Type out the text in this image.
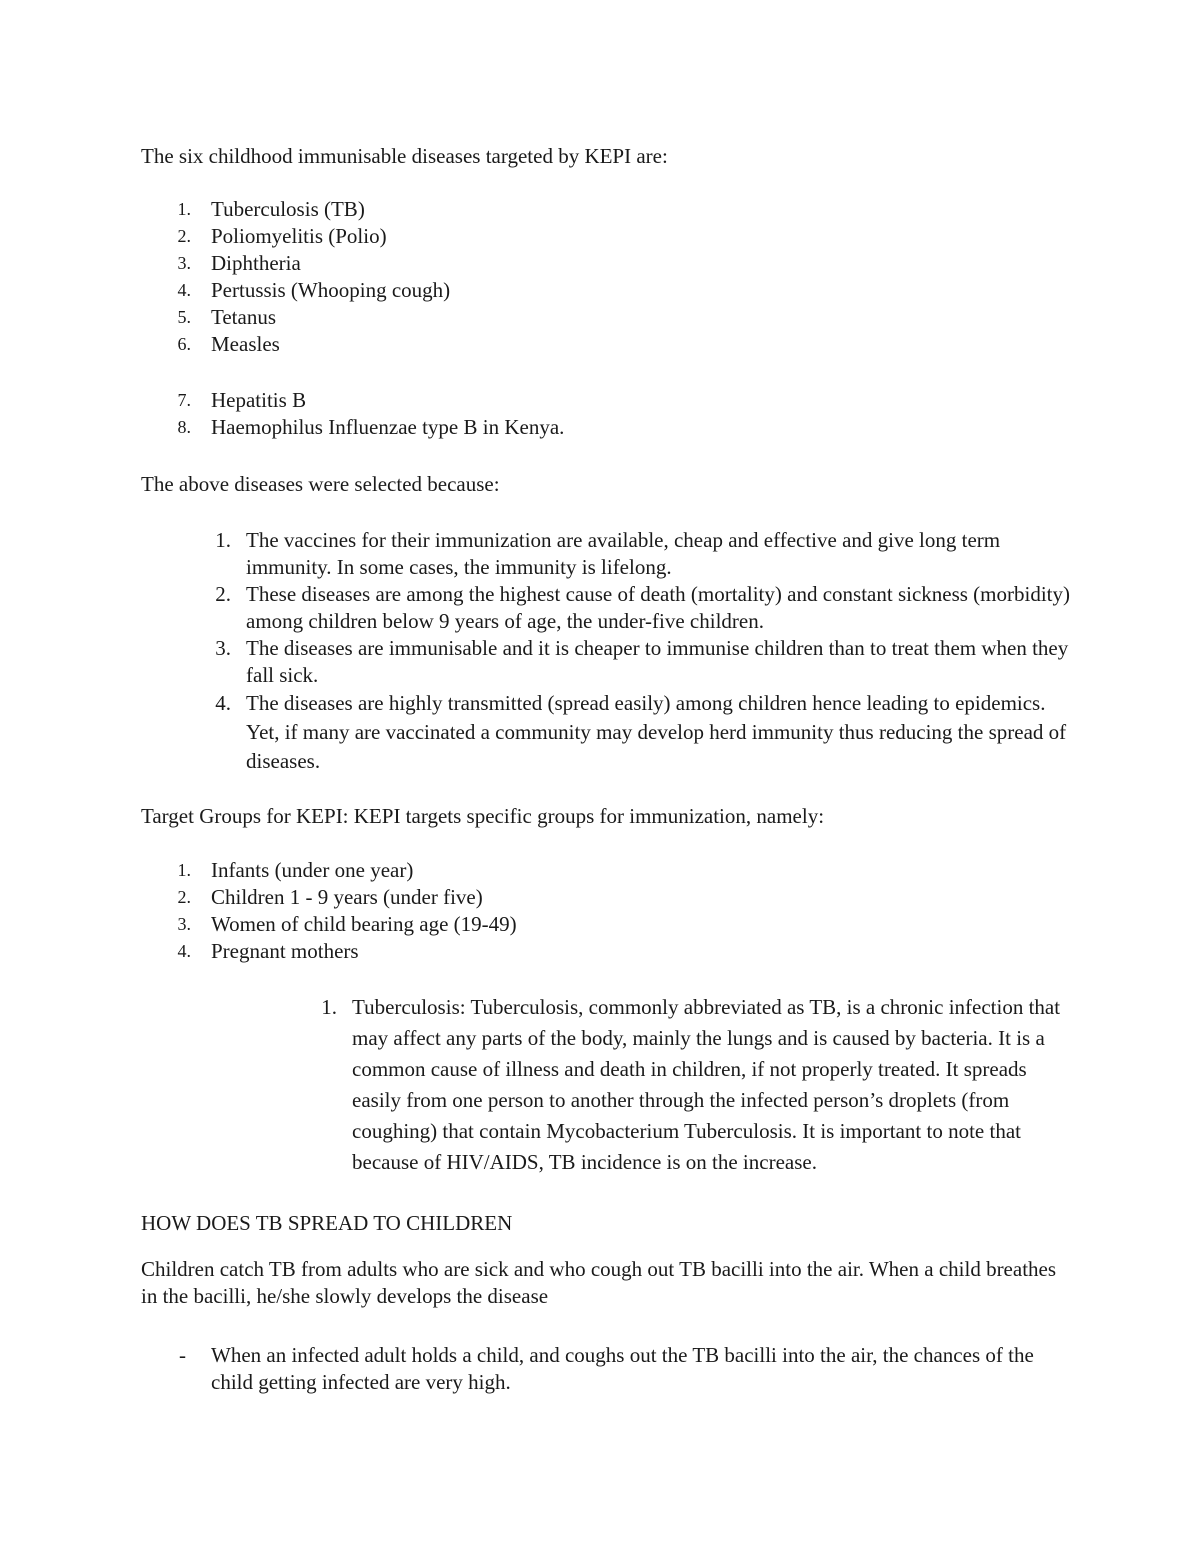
The six childhood immunisable diseases targeted by KEPI are:

1. Tuberculosis (TB)
2. Poliomyelitis (Polio)
3. Diphtheria
4. Pertussis (Whooping cough)
5. Tetanus
6. Measles
7. Hepatitis B
8. Haemophilus Influenzae type B in Kenya.

The above diseases were selected because:

1. The vaccines for their immunization are available, cheap and effective and give long term immunity. In some cases, the immunity is lifelong.
2. These diseases are among the highest cause of death (mortality) and constant sickness (morbidity) among children below 9 years of age, the under-five children.
3. The diseases are immunisable and it is cheaper to immunise children than to treat them when they fall sick.
4. The diseases are highly transmitted (spread easily) among children hence leading to epidemics. Yet, if many are vaccinated a community may develop herd immunity thus reducing the spread of diseases.

Target Groups for KEPI: KEPI targets specific groups for immunization, namely:

1. Infants (under one year)
2. Children 1 - 9 years (under five)
3. Women of child bearing age (19-49)
4. Pregnant mothers
1. Tuberculosis: Tuberculosis, commonly abbreviated as TB, is a chronic infection that may affect any parts of the body, mainly the lungs and is caused by bacteria. It is a common cause of illness and death in children, if not properly treated. It spreads easily from one person to another through the infected person’s droplets (from coughing) that contain Mycobacterium Tuberculosis. It is important to note that because of HIV/AIDS, TB incidence is on the increase.

HOW DOES TB SPREAD TO CHILDREN

Children catch TB from adults who are sick and who cough out TB bacilli into the air. When a child breathes in the bacilli, he/she slowly develops the disease

- When an infected adult holds a child, and coughs out the TB bacilli into the air, the chances of the child getting infected are very high.
